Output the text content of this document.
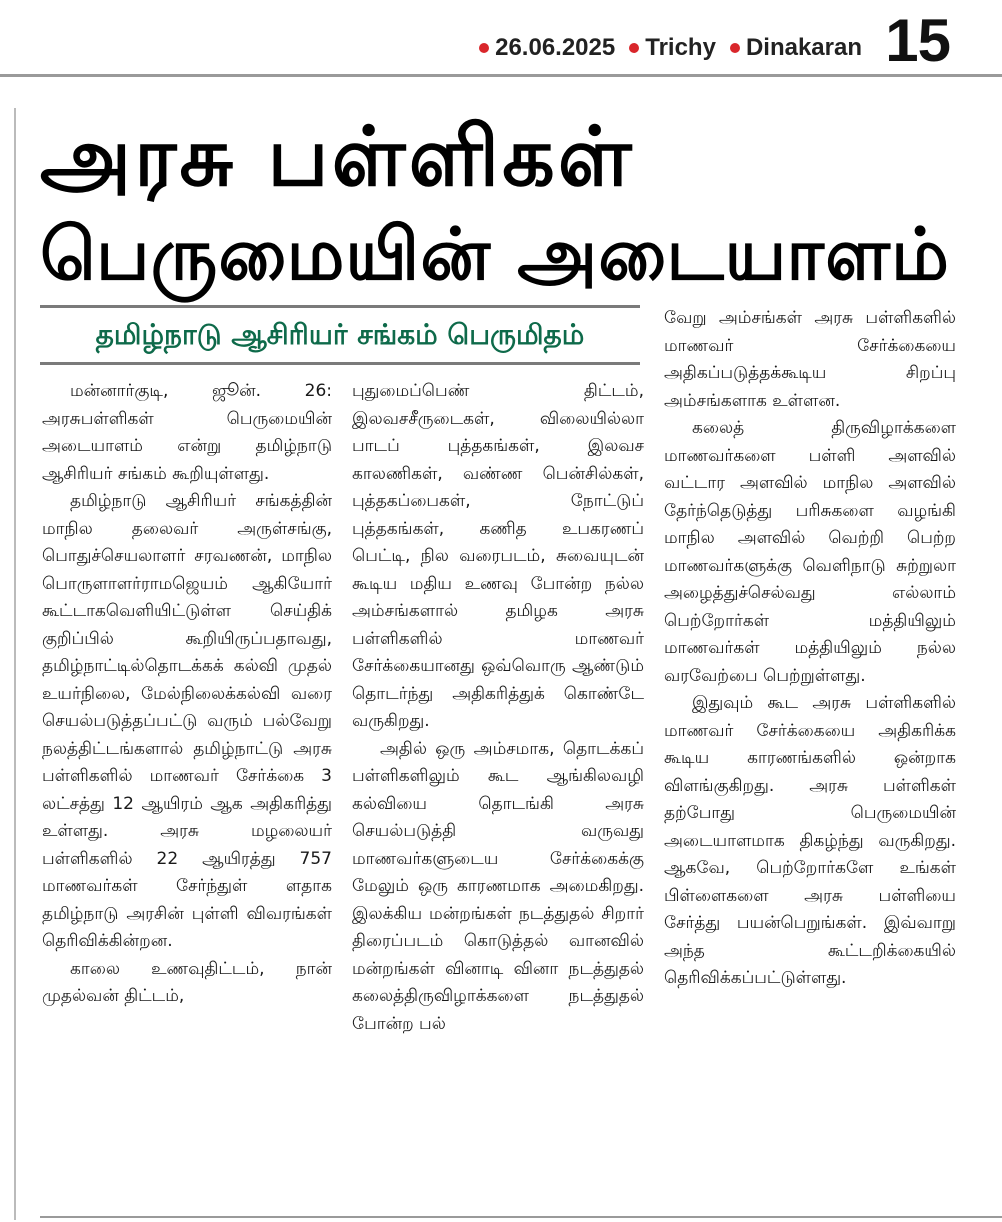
26.06.2025 Trichy Dinakaran 15
அரசு பள்ளிகள்
பெருமையின் அடையாளம்
தமிழ்நாடு ஆசிரியர் சங்கம் பெருமிதம்

மன்னார்குடி, ஜூன். 26: அரசுபள்ளிகள் பெருமையின் அடையாளம் என்று தமிழ்நாடு ஆசிரியர் சங்கம் கூறியுள்ளது.

தமிழ்நாடு ஆசிரியர் சங்கத்தின் மாநில தலைவர் அருள்சங்கு, பொதுச்செயலாளர் சரவணன், மாநில பொருளாளர்ராமஜெயம் ஆகியோர் கூட்டாகவெளியிட்டுள்ள செய்திக் குறிப்பில் கூறியிருப்பதாவது, தமிழ்நாட்டில்தொடக்கக் கல்வி முதல் உயர்நிலை, மேல்நிலைக்கல்வி வரை செயல்படுத்தப்பட்டு வரும் பல்வேறு நலத்திட்டங்களால் தமிழ்நாட்டு அரசு பள்ளிகளில் மாணவர் சேர்க்கை 3 லட்சத்து 12 ஆயிரம் ஆக அதிகரித்து உள்ளது. அரசு மழலையர் பள்ளிகளில் 22 ஆயிரத்து 757 மாணவர்கள் சேர்ந்துள் ளதாக தமிழ்நாடு அரசின் புள்ளி விவரங்கள் தெரிவிக்கின்றன.

காலை உணவுதிட்டம், நான் முதல்வன் திட்டம்,

புதுமைப்பெண் திட்டம், இலவசசீருடைகள், விலையில்லா பாடப் புத்தகங்கள், இலவச காலணிகள், வண்ண பென்சில்கள், புத்தகப்பைகள், நோட்டுப் புத்தகங்கள், கணித உபகரணப் பெட்டி, நில வரைபடம், சுவையுடன் கூடிய மதிய உணவு போன்ற நல்ல அம்சங்களால் தமிழக அரசு பள்ளிகளில் மாணவர் சேர்க்கையானது ஒவ்வொரு ஆண்டும் தொடர்ந்து அதிகரித்துக் கொண்டே வருகிறது.

அதில் ஒரு அம்சமாக, தொடக்கப் பள்ளிகளிலும் கூட ஆங்கிலவழி கல்வியை தொடங்கி அரசு செயல்படுத்தி வருவது மாணவர்களுடைய சேர்க்கைக்கு மேலும் ஒரு காரணமாக அமைகிறது. இலக்கிய மன்றங்கள் நடத்துதல் சிறார் திரைப்படம் கொடுத்தல் வானவில் மன்றங்கள் வினாடி வினா நடத்துதல் கலைத்திருவிழாக்களை நடத்துதல் போன்ற பல்

வேறு அம்சங்கள் அரசு பள்ளிகளில் மாணவர் சேர்க்கையை அதிகப்படுத்தக்கூடிய சிறப்பு அம்சங்களாக உள்ளன.

கலைத் திருவிழாக்களை மாணவர்களை பள்ளி அளவில் வட்டார அளவில் மாநில அளவில் தேர்ந்தெடுத்து பரிசுகளை வழங்கி மாநில அளவில் வெற்றி பெற்ற மாணவர்களுக்கு வெளிநாடு சுற்றுலா அழைத்துச்செல்வது எல்லாம் பெற்றோர்கள் மத்தியிலும் மாணவர்கள் மத்தியிலும் நல்ல வரவேற்பை பெற்றுள்ளது.

இதுவும் கூட அரசு பள்ளிகளில் மாணவர் சேர்க்கையை அதிகரிக்க கூடிய காரணங்களில் ஒன்றாக விளங்குகிறது. அரசு பள்ளிகள் தற்போது பெருமையின் அடையாளமாக திகழ்ந்து வருகிறது. ஆகவே, பெற்றோர்களே உங்கள் பிள்ளைகளை அரசு பள்ளியை சேர்த்து பயன்பெறுங்கள். இவ்வாறு அந்த கூட்டறிக்கையில் தெரிவிக்கப்பட்டுள்ளது.
